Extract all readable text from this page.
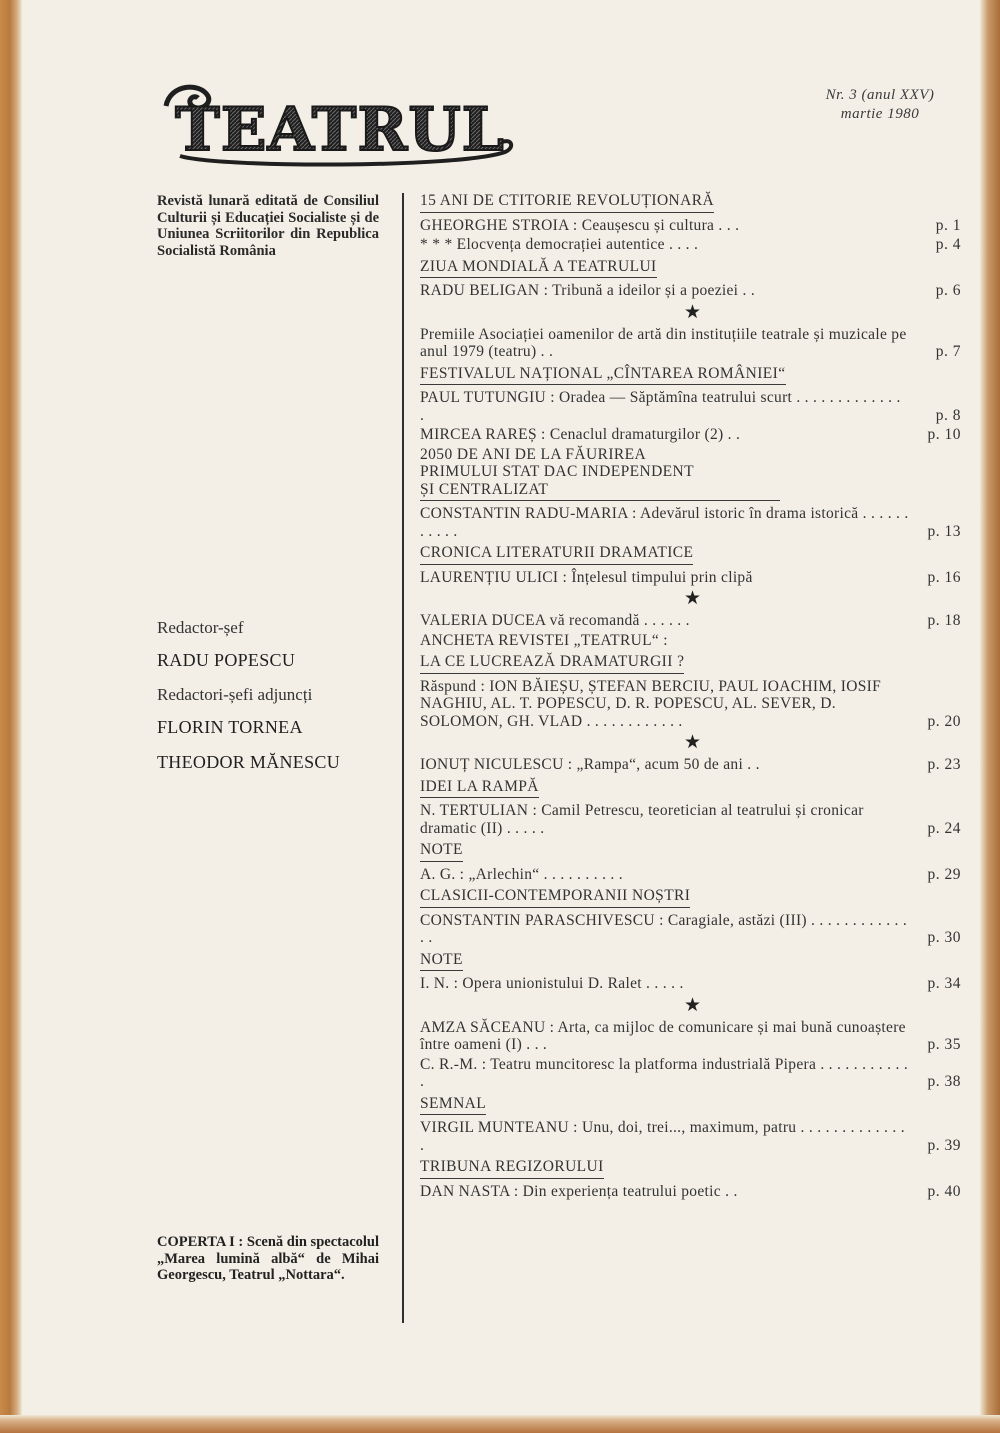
TEATRUL	Nr. 3 (anul XXV)
martie 1980
Revistă lunară editată de Consiliul Culturii și Educației Socialiste și de Uniunea Scriitorilor din Republica Socialistă România
Redactor-șef
RADU POPESCU
Redactori-șefi adjuncți
FLORIN TORNEA
THEODOR MĂNESCU
COPERTA I : Scenă din spectacolul „Marea lumină albă“ de Mihai Georgescu, Teatrul „Nottara“.
15 ANI DE CTITORIE REVOLUȚIONARĂ
GHEORGHE STROIA : Ceaușescu și cultura . . .	p. 1
* * * Elocvența democrației autentice . . . .	p. 4
ZIUA MONDIALĂ A TEATRULUI
RADU BELIGAN : Tribună a ideilor și a poeziei . .	p. 6
★
Premiile Asociației oamenilor de artă din instituțiile teatrale și muzicale pe anul 1979 (teatru) . .	p. 7
FESTIVALUL NAȚIONAL „CÎNTAREA ROMÂNIEI“
PAUL TUTUNGIU : Oradea — Săptămîna teatrului scurt . . . . . . . . . . . . . .	p. 8
MIRCEA RAREȘ : Cenaclul dramaturgilor (2) . .	p. 10
2050 DE ANI DE LA FĂURIREA
PRIMULUI STAT DAC INDEPENDENT
ȘI CENTRALIZAT
CONSTANTIN RADU-MARIA : Adevărul istoric în drama istorică . . . . . . . . . . .	p. 13
CRONICA LITERATURII DRAMATICE
LAURENȚIU ULICI : Înțelesul timpului prin clipă	p. 16
★
VALERIA DUCEA vă recomandă . . . . . .	p. 18
ANCHETA REVISTEI „TEATRUL“ :
LA CE LUCREAZĂ DRAMATURGII ?
Răspund : ION BĂIEȘU, ȘTEFAN BERCIU, PAUL IOACHIM, IOSIF NAGHIU, AL. T. POPESCU, D. R. POPESCU, AL. SEVER, D. SOLOMON, GH. VLAD . . . . . . . . . . . .	p. 20
★
IONUȚ NICULESCU : „Rampa“, acum 50 de ani . .	p. 23
IDEI LA RAMPĂ
N. TERTULIAN : Camil Petrescu, teoretician al teatrului și cronicar dramatic (II) . . . . .	p. 24
NOTE
A. G. : „Arlechin“ . . . . . . . . . .	p. 29
CLASICII-CONTEMPORANII NOȘTRI
CONSTANTIN PARASCHIVESCU : Caragiale, astăzi (III) . . . . . . . . . . . . . .	p. 30
NOTE
I. N. : Opera unionistului D. Ralet . . . . .	p. 34
★
AMZA SĂCEANU : Arta, ca mijloc de comunicare și mai bună cunoaștere între oameni (I) . . .	p. 35
C. R.-M. : Teatru muncitoresc la platforma industrială Pipera . . . . . . . . . . . .	p. 38
SEMNAL
VIRGIL MUNTEANU : Unu, doi, trei..., maximum, patru . . . . . . . . . . . . . .	p. 39
TRIBUNA REGIZORULUI
DAN NASTA : Din experiența teatrului poetic . .	p. 40
